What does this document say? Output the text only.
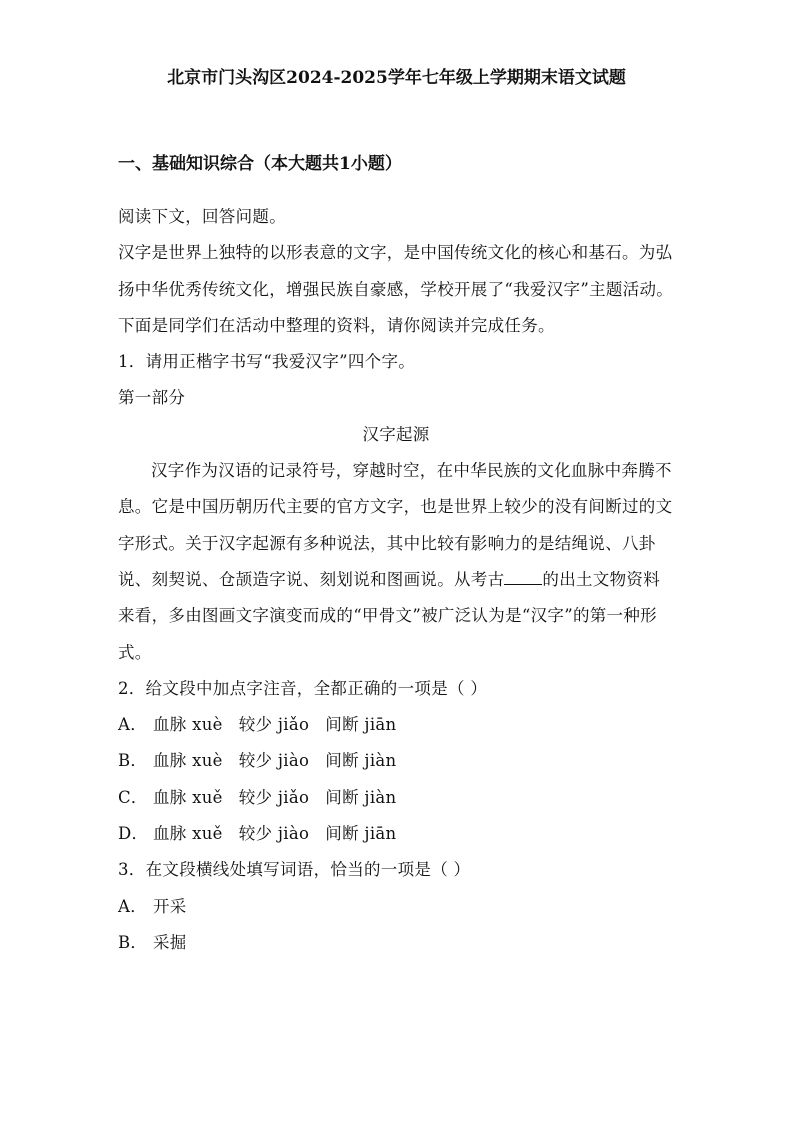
北京市门头沟区2024-2025学年七年级上学期期末语文试题
一、基础知识综合（本大题共1小题）

阅读下文，回答问题。

汉字是世界上独特的以形表意的文字，是中国传统文化的核心和基石。为弘扬中华优秀传统文化，增强民族自豪感，学校开展了“我爱汉字”主题活动。下面是同学们在活动中整理的资料，请你阅读并完成任务。

1．请用正楷字书写“我爱汉字”四个字。

第一部分

汉字起源

汉字作为汉语的记录符号，穿越时空，在中华民族的文化血脉中奔腾不息。它是中国历朝历代主要的官方文字，也是世界上较少的没有间断过的文字形式。关于汉字起源有多种说法，其中比较有影响力的是结绳说、八卦说、刻契说、仓颉造字说、刻划说和图画说。从考古 的出土文物资料来看，多由图画文字演变而成的“甲骨文”被广泛认为是“汉字”的第一种形式。

2．给文段中加点字注音，全都正确的一项是（ ）

A． 血脉 xuè 较少 jiǎo 间断 jiān

B． 血脉 xuè 较少 jiào 间断 jiàn

C． 血脉 xuě 较少 jiǎo 间断 jiàn

D． 血脉 xuě 较少 jiào 间断 jiān

3．在文段横线处填写词语，恰当的一项是（ ）

A． 开采

B． 采掘
